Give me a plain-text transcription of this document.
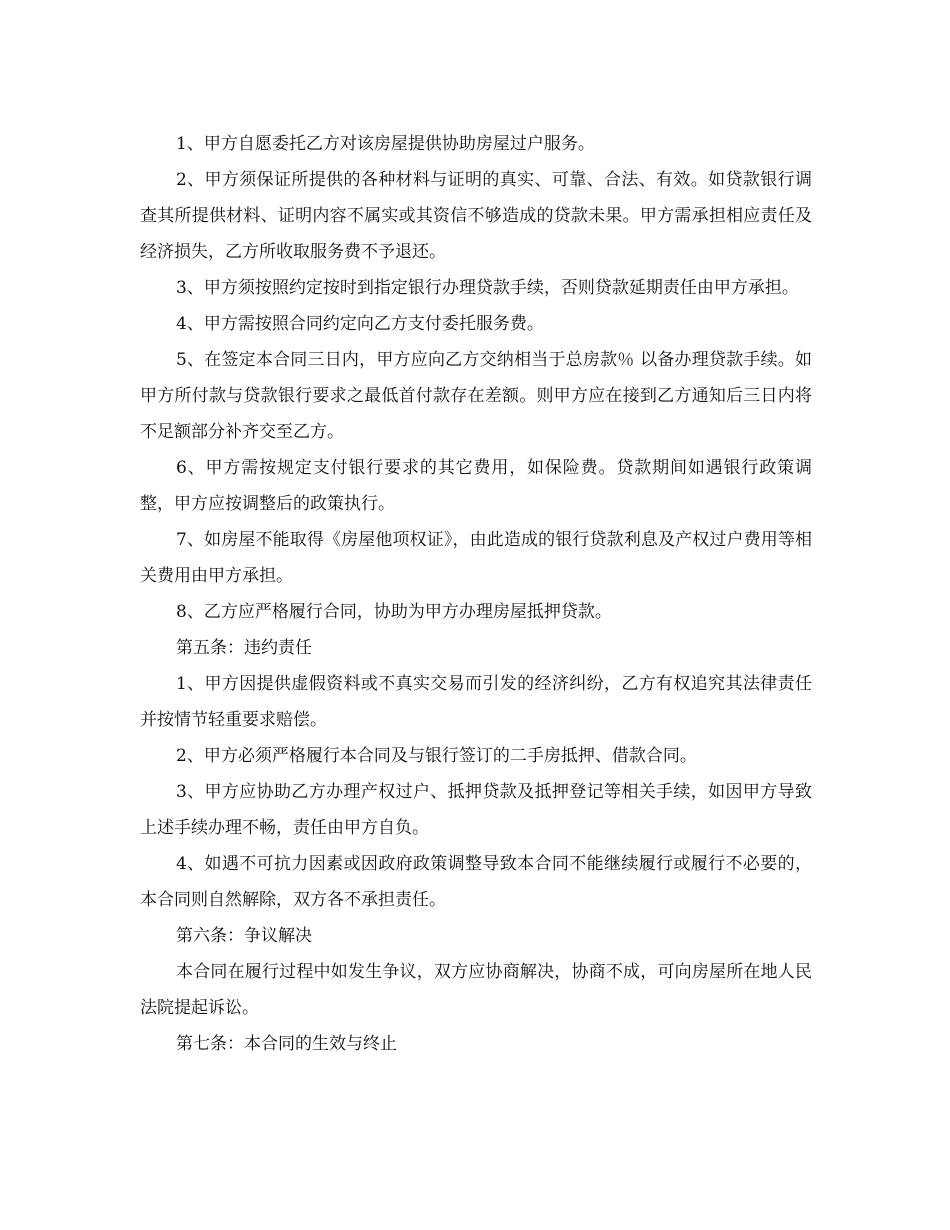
1、甲方自愿委托乙方对该房屋提供协助房屋过户服务。

2、甲方须保证所提供的各种材料与证明的真实、可靠、合法、有效。如贷款银行调查其所提供材料、证明内容不属实或其资信不够造成的贷款未果。甲方需承担相应责任及经济损失，乙方所收取服务费不予退还。

3、甲方须按照约定按时到指定银行办理贷款手续，否则贷款延期责任由甲方承担。

4、甲方需按照合同约定向乙方支付委托服务费。

5、在签定本合同三日内，甲方应向乙方交纳相当于总房款％ 以备办理贷款手续。如甲方所付款与贷款银行要求之最低首付款存在差额。则甲方应在接到乙方通知后三日内将不足额部分补齐交至乙方。

6、甲方需按规定支付银行要求的其它费用，如保险费。贷款期间如遇银行政策调整，甲方应按调整后的政策执行。

7、如房屋不能取得《房屋他项权证》，由此造成的银行贷款利息及产权过户费用等相关费用由甲方承担。

8、乙方应严格履行合同，协助为甲方办理房屋抵押贷款。

第五条：违约责任

1、甲方因提供虚假资料或不真实交易而引发的经济纠纷，乙方有权追究其法律责任并按情节轻重要求赔偿。

2、甲方必须严格履行本合同及与银行签订的二手房抵押、借款合同。

3、甲方应协助乙方办理产权过户、抵押贷款及抵押登记等相关手续，如因甲方导致上述手续办理不畅，责任由甲方自负。

4、如遇不可抗力因素或因政府政策调整导致本合同不能继续履行或履行不必要的，本合同则自然解除，双方各不承担责任。

第六条：争议解决

本合同在履行过程中如发生争议，双方应协商解决，协商不成，可向房屋所在地人民法院提起诉讼。

第七条：本合同的生效与终止
